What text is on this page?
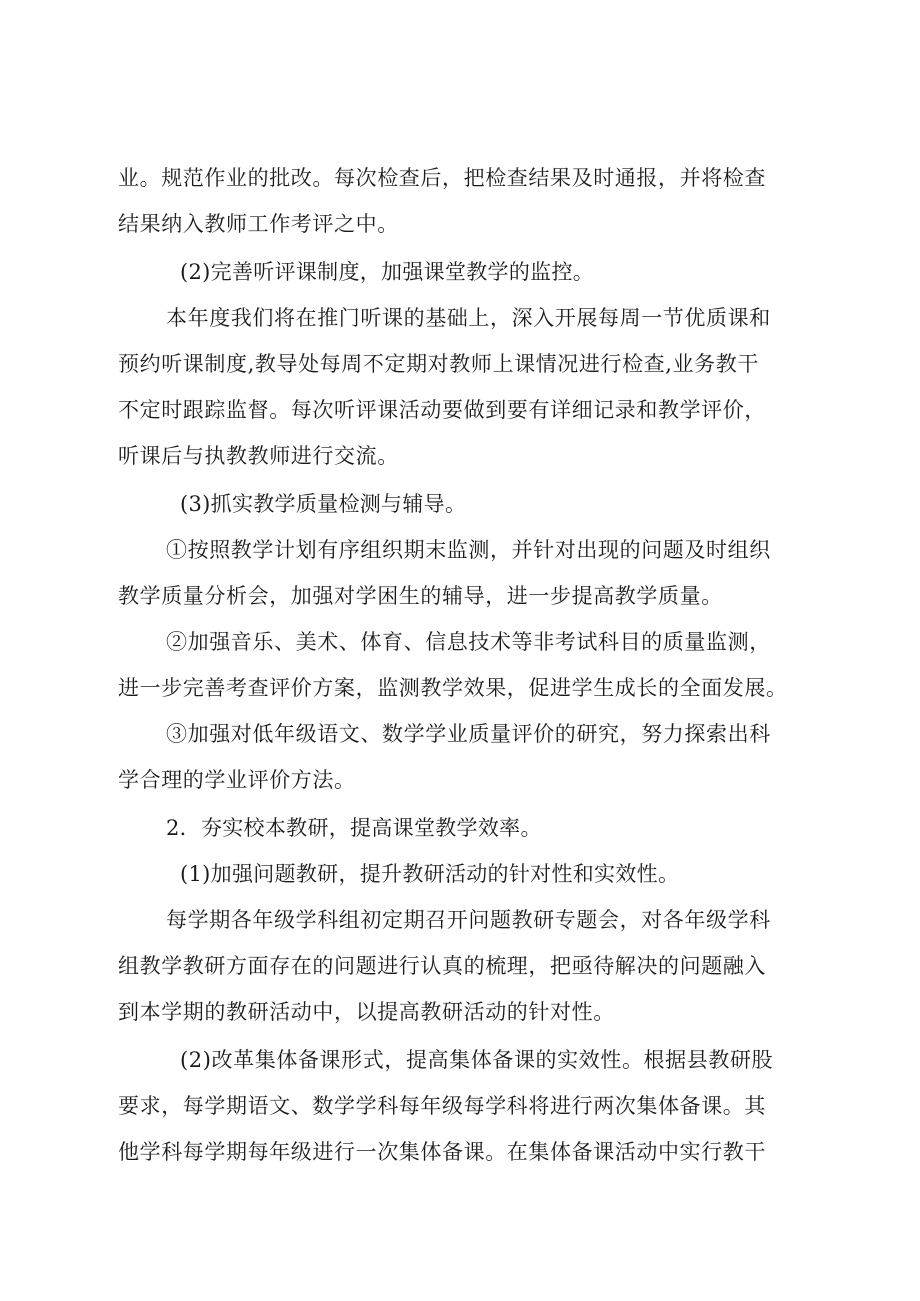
业。规范作业的批改。每次检查后，把检查结果及时通报，并将检查
结果纳入教师工作考评之中。
(2)完善听评课制度，加强课堂教学的监控。
本年度我们将在推门听课的基础上，深入开展每周一节优质课和
预约听课制度,教导处每周不定期对教师上课情况进行检查,业务教干
不定时跟踪监督。每次听评课活动要做到要有详细记录和教学评价，
听课后与执教教师进行交流。
(3)抓实教学质量检测与辅导。
①按照教学计划有序组织期末监测，并针对出现的问题及时组织
教学质量分析会，加强对学困生的辅导，进一步提高教学质量。
②加强音乐、美术、体育、信息技术等非考试科目的质量监测，
进一步完善考查评价方案，监测教学效果，促进学生成长的全面发展。
③加强对低年级语文、数学学业质量评价的研究，努力探索出科
学合理的学业评价方法。
2．夯实校本教研，提高课堂教学效率。
(1)加强问题教研，提升教研活动的针对性和实效性。
每学期各年级学科组初定期召开问题教研专题会，对各年级学科
组教学教研方面存在的问题进行认真的梳理，把亟待解决的问题融入
到本学期的教研活动中，以提高教研活动的针对性。
(2)改革集体备课形式，提高集体备课的实效性。根据县教研股
要求，每学期语文、数学学科每年级每学科将进行两次集体备课。其
他学科每学期每年级进行一次集体备课。在集体备课活动中实行教干
